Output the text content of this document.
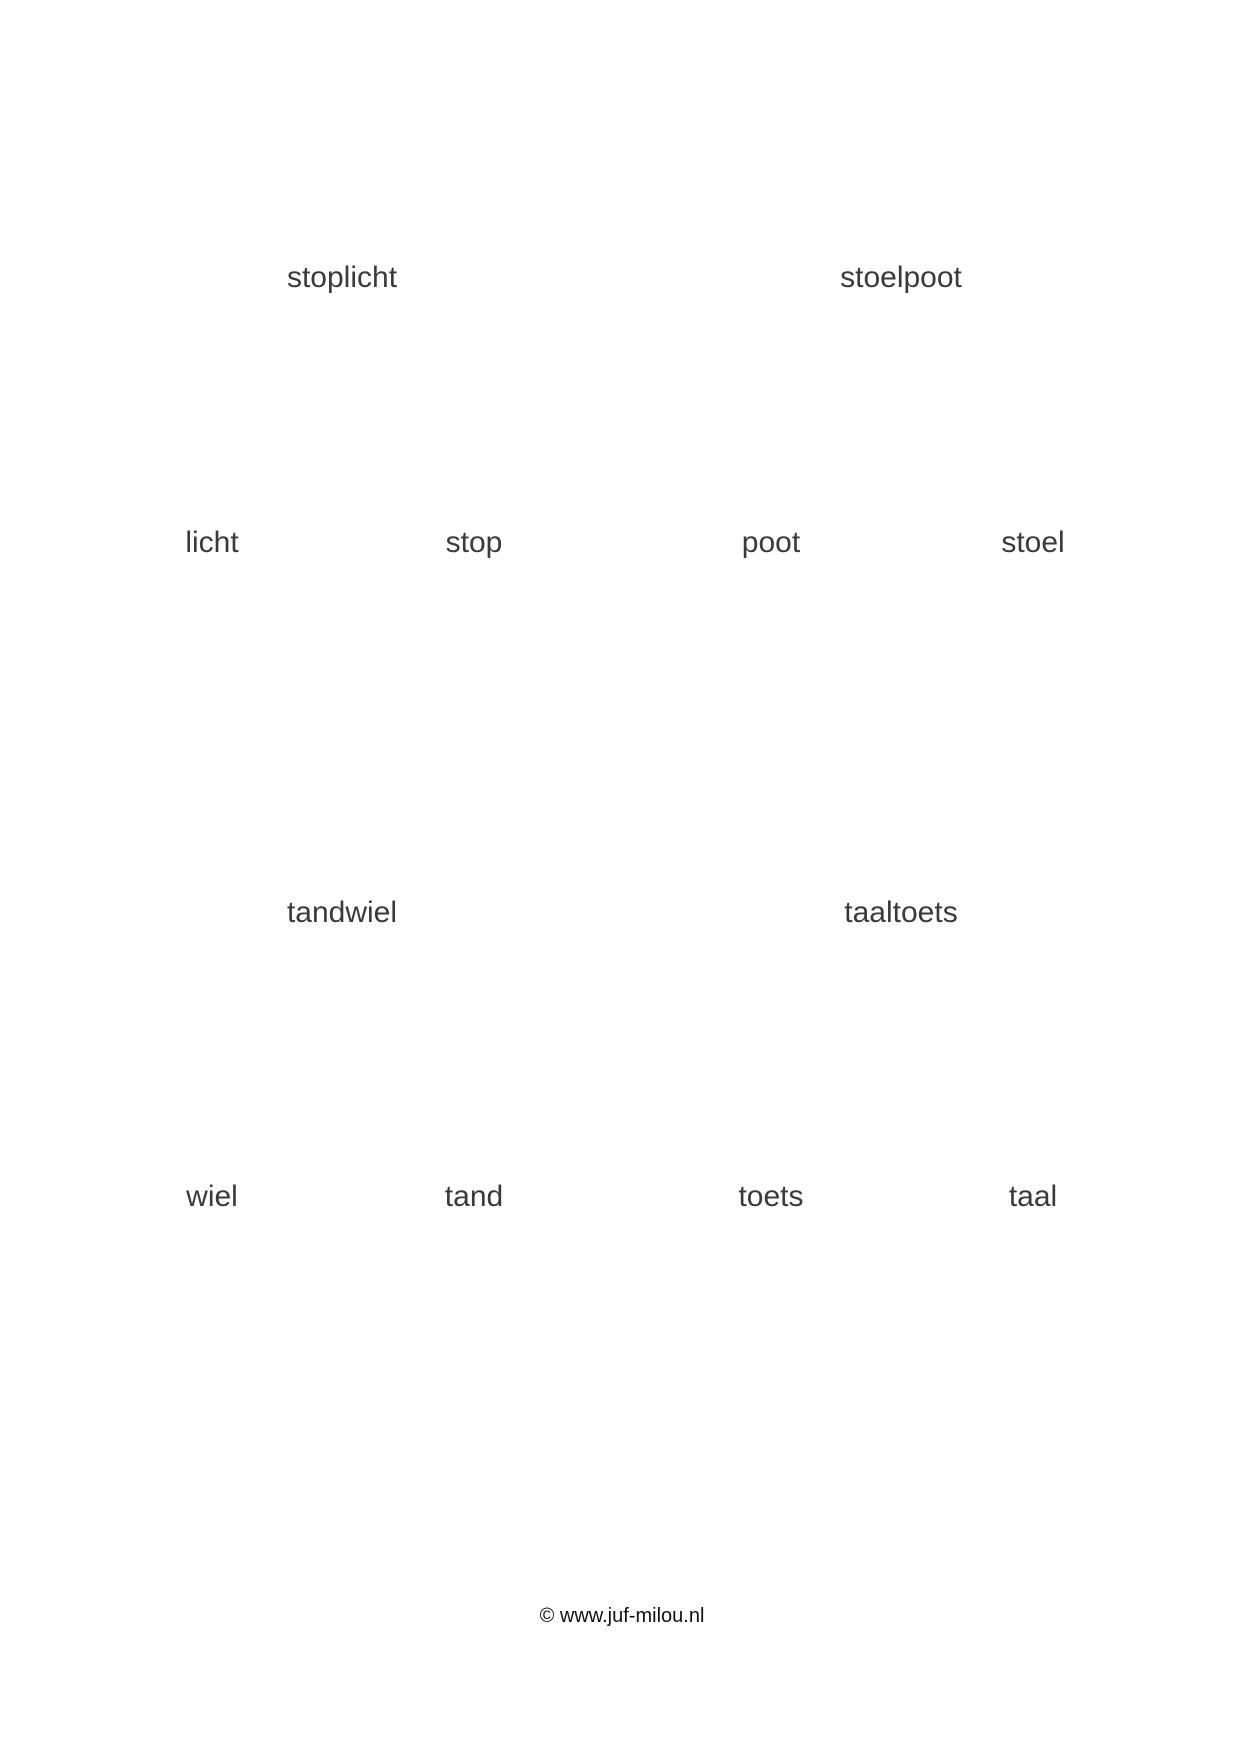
stoplicht	stoelpoot
licht	stop	poot	stoel
tandwiel	taaltoets
wiel	tand	toets	taal
© www.juf-milou.nl
